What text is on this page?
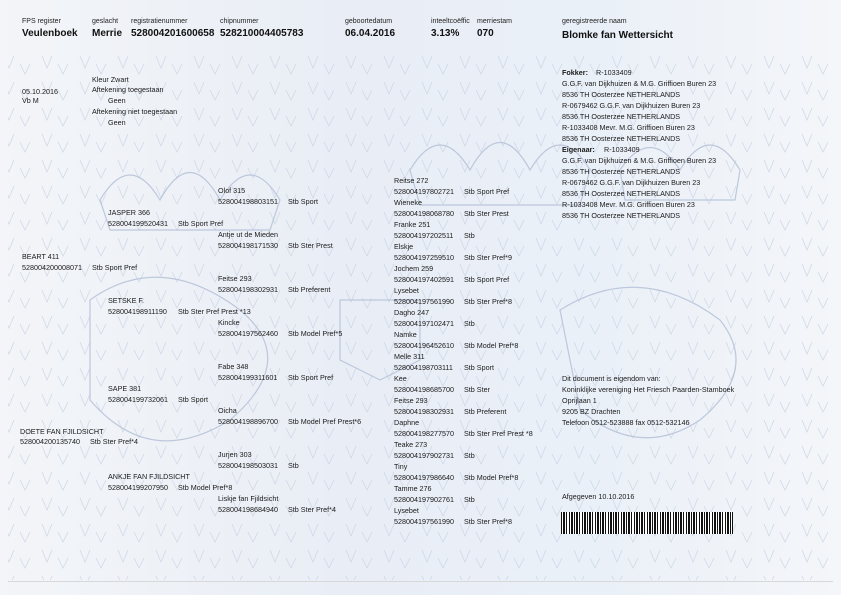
FPS register
Veulenboek
geslacht
Merrie
registratienummer
528004201600658
chipnummer
528210004405783
geboortedatum
06.04.2016
inteeltcoëffic
3.13%
merriestam
070
geregistreerde naam
Blomke fan Wettersicht
05.10.2016
Vb M
Kleur Zwart
Aftekening toegestaan
Geen
Aftekening niet toegestaan
Geen
Olof 315
528004198803151 Stb Sport
JASPER 366
528004199520431 Stb Sport Pref
Antje ut de Mieden
528004198171530 Stb Ster Prest
BEART 411
528004200008071 Stb Sport Pref
Feitse 293
528004198302931 Stb Preferent
SETSKE F.
528004198911190 Stb Ster Pref Prest *13
Kincke
528004197562460 Stb Model Pref*5
Fabe 348
528004199311601 Stb Sport Pref
SAPE 381
528004199732061 Stb Sport
Oicha
528004198896700 Stb Model Pref Prest*6
DOETE FAN FJILDSICHT
528004200135740 Stb Ster Pref*4
Jurjen 303
528004198503031 Stb
ANKJE FAN FJILDSICHT
528004199207950 Stb Model Pref*8
Liskje fan Fjildsicht
528004198684940 Stb Ster Pref*4
Reitse 272
528004197802721 Stb Sport Pref
Wieneke
528004198068780 Stb Ster Prest
Franke 251
528004197202511 Stb
Elskje
528004197259510 Stb Ster Pref*9
Jochem 259
528004197402591 Stb Sport Pref
Lysebet
528004197561990 Stb Ster Pref*8
Dagho 247
528004197102471 Stb
Namke
528004196452610 Stb Model Pref*8
Melle 311
528004198703111 Stb Sport
Kee
528004198685700 Stb Ster
Feitse 293
528004198302931 Stb Preferent
Daphne
528004198277570 Stb Ster Pref Prest *8
Teake 273
528004197902731 Stb
Tiny
528004197986640 Stb Model Pref*8
Tamme 276
528004197902761 Stb
Lysebet
528004197561990 Stb Ster Pref*8
Fokker: R-1033409
G.G.F. van Dijkhuizen & M.G. Griffioen Buren 23
8536 TH Oosterzee NETHERLANDS
R-0679462 G.G.F. van Dijkhuizen Buren 23
8536 TH Oosterzee NETHERLANDS
R-1033408 Mevr. M.G. Griffioen Buren 23
8536 TH Oosterzee NETHERLANDS
Eigenaar: R-1033409
G.G.F. van Dijkhuizen & M.G. Griffioen Buren 23
8536 TH Oosterzee NETHERLANDS
R-0679462 G.G.F. van Dijkhuizen Buren 23
8536 TH Oosterzee NETHERLANDS
R-1033408 Mevr. M.G. Griffioen Buren 23
8536 TH Oosterzee NETHERLANDS
Dit document is eigendom van:
Koninklijke vereniging Het Friesch Paarden-Stamboek
Oprijlaan 1
9205 BZ Drachten
Telefoon 0512-523888 fax 0512-532146
Afgegeven 10.10.2016
